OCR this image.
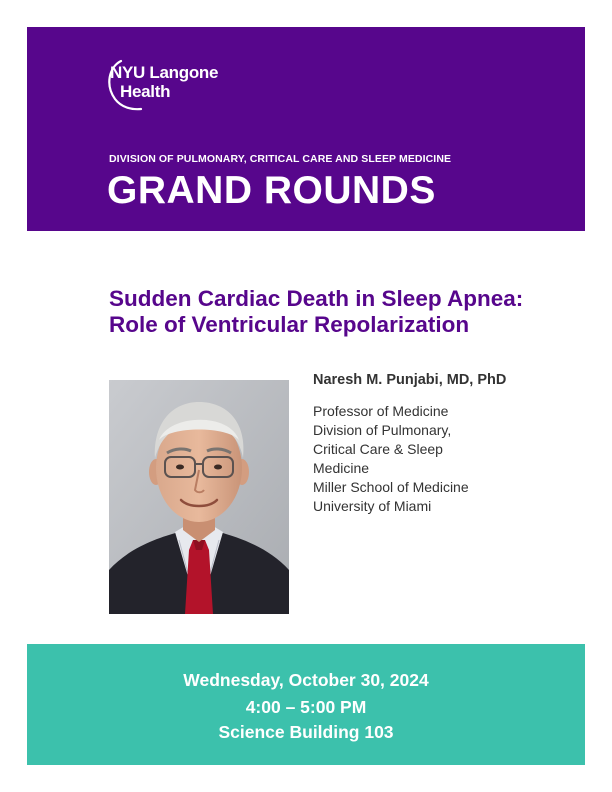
NYU Langone
Health
DIVISION OF PULMONARY, CRITICAL CARE AND SLEEP MEDICINE
GRAND ROUNDS
Sudden Cardiac Death in Sleep Apnea: Role of Ventricular Repolarization

Naresh M. Punjabi, MD, PhD

Professor of Medicine

Division of Pulmonary,

Critical Care & Sleep

Medicine

Miller School of Medicine

University of Miami

Wednesday, October 30, 2024
4:00 – 5:00 PM
Science Building 103
